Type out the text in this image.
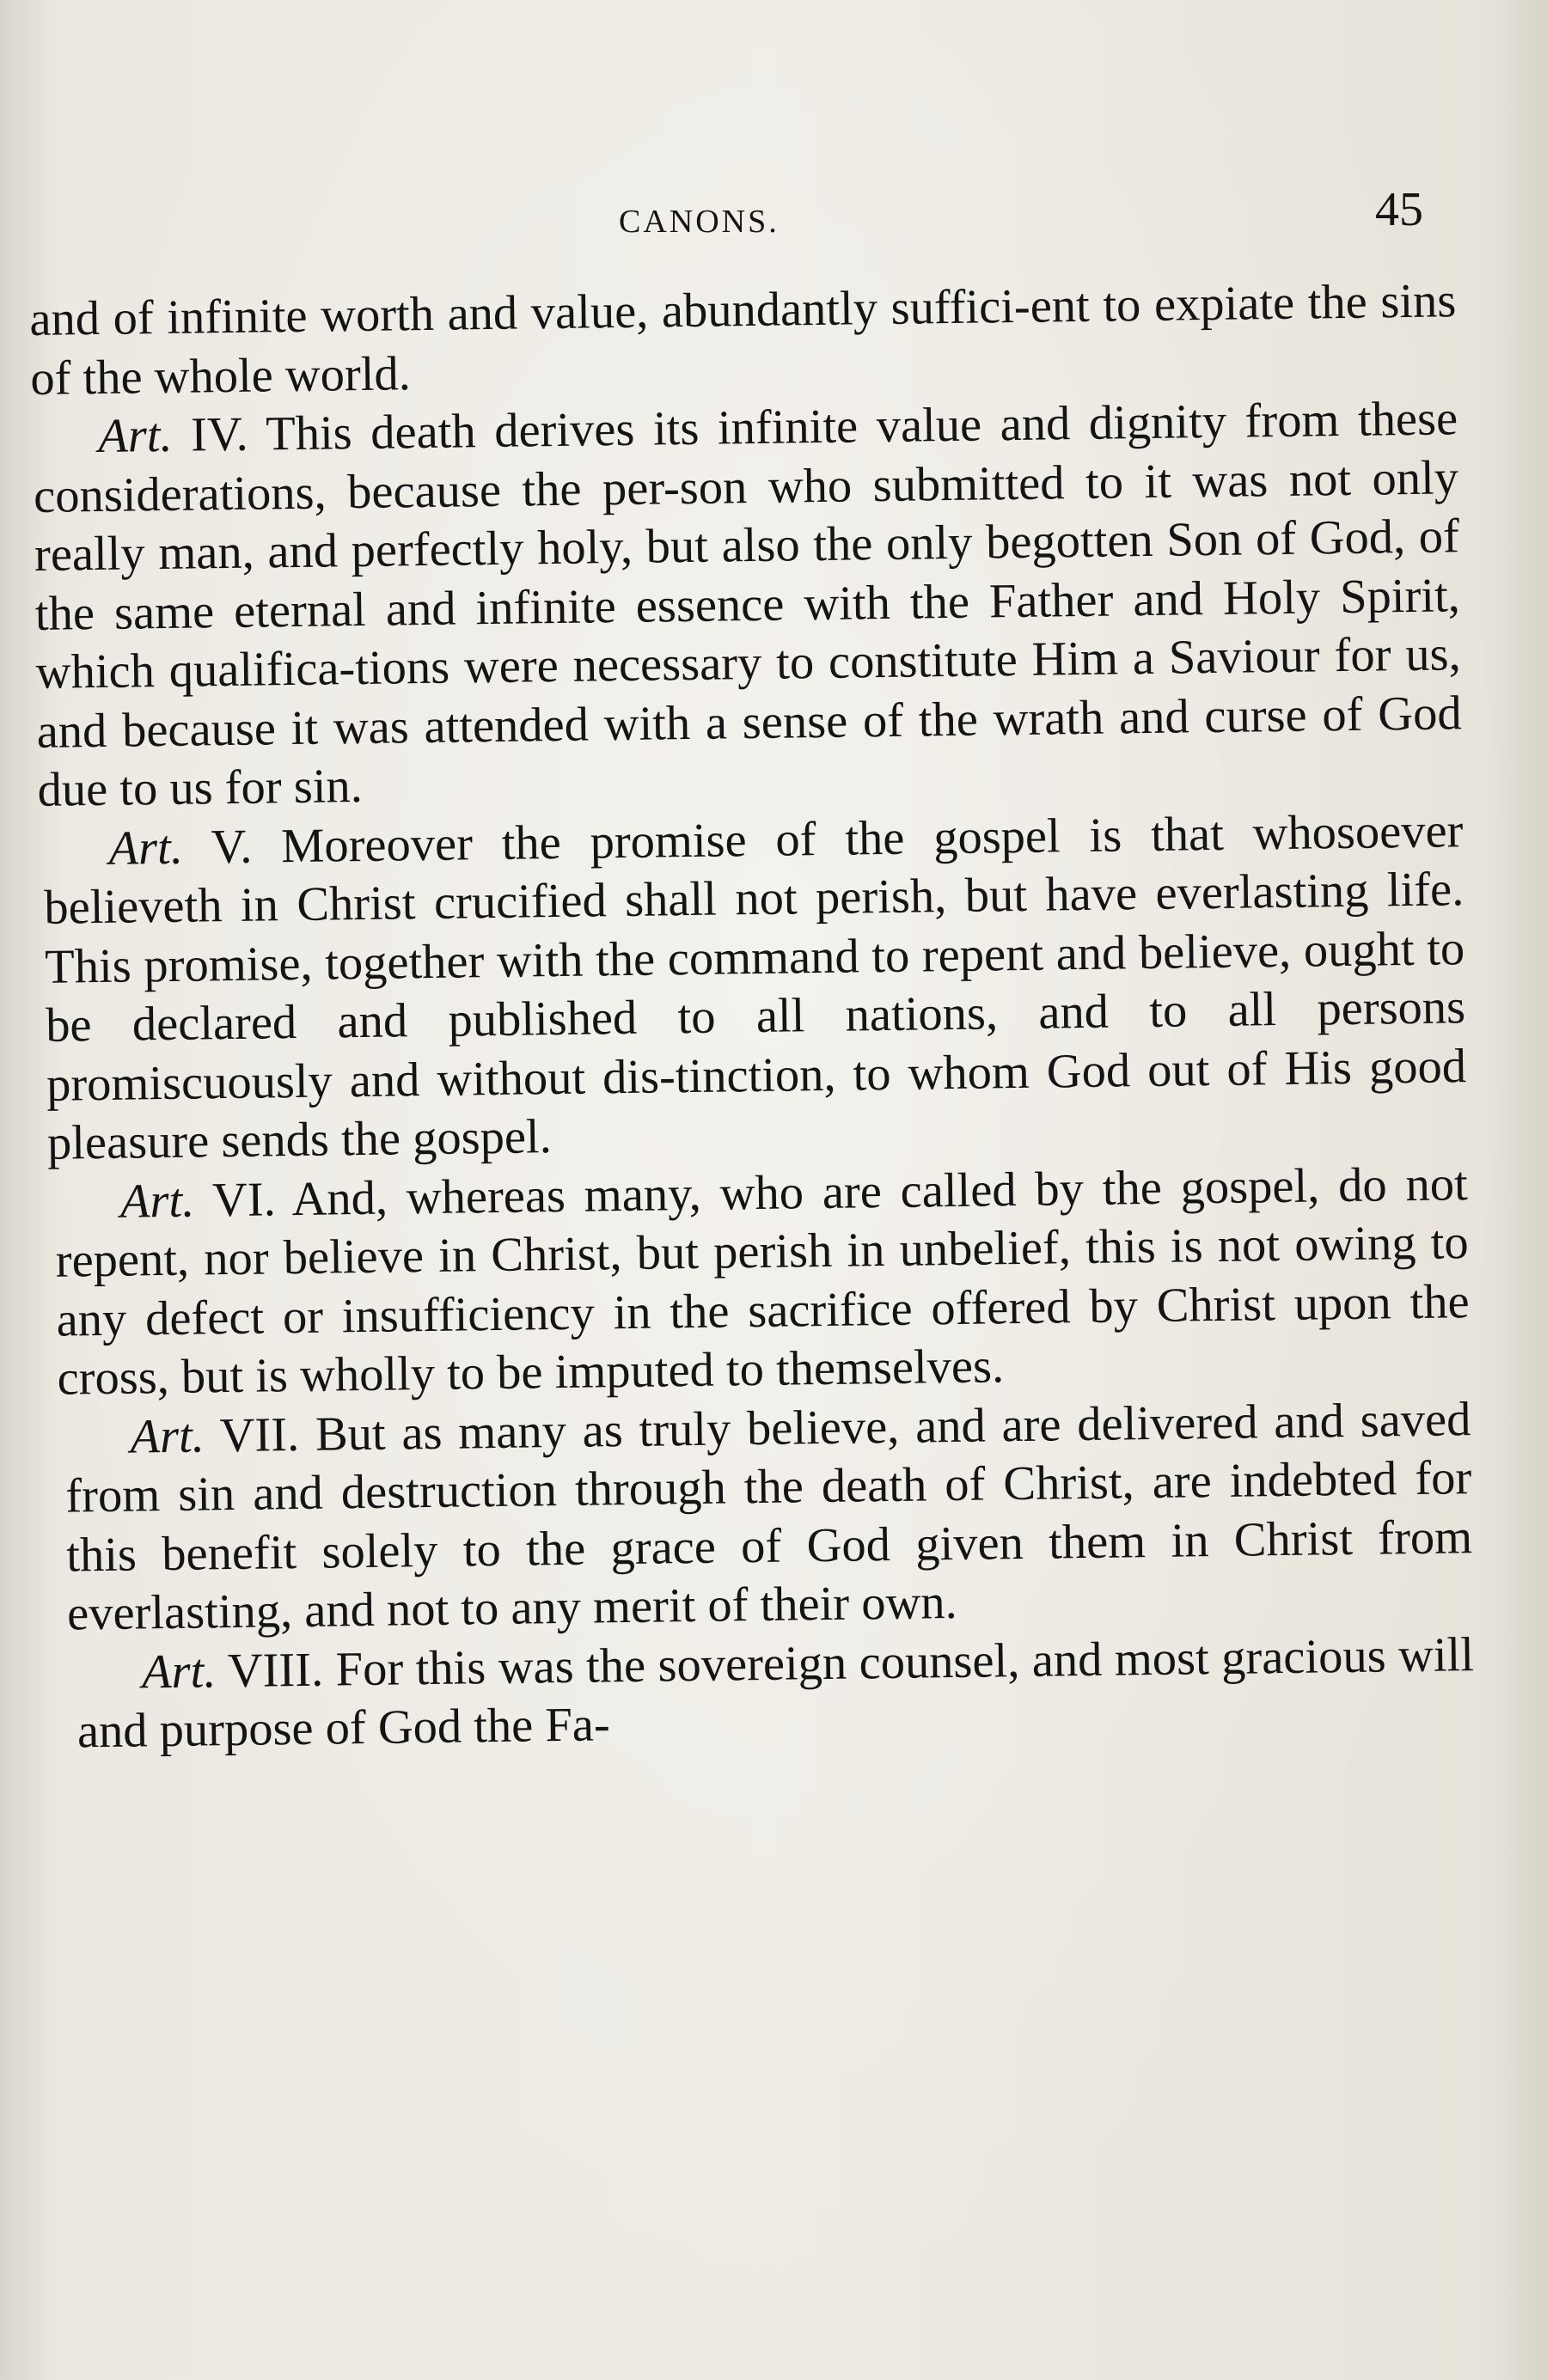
CANONS.	45

and of infinite worth and value, abundantly suffici-ent to expiate the sins of the whole world.

Art. IV. This death derives its infinite value and dignity from these considerations, because the per-son who submitted to it was not only really man, and perfectly holy, but also the only begotten Son of God, of the same eternal and infinite essence with the Father and Holy Spirit, which qualifica-tions were necessary to constitute Him a Saviour for us, and because it was attended with a sense of the wrath and curse of God due to us for sin.

Art. V. Moreover the promise of the gospel is that whosoever believeth in Christ crucified shall not perish, but have everlasting life. This promise, together with the command to repent and believe, ought to be declared and published to all nations, and to all persons promiscuously and without dis-tinction, to whom God out of His good pleasure sends the gospel.

Art. VI. And, whereas many, who are called by the gospel, do not repent, nor believe in Christ, but perish in unbelief, this is not owing to any defect or insufficiency in the sacrifice offered by Christ upon the cross, but is wholly to be imputed to themselves.

Art. VII. But as many as truly believe, and are delivered and saved from sin and destruction through the death of Christ, are indebted for this benefit solely to the grace of God given them in Christ from everlasting, and not to any merit of their own.

Art. VIII. For this was the sovereign counsel, and most gracious will and purpose of God the Fa-
